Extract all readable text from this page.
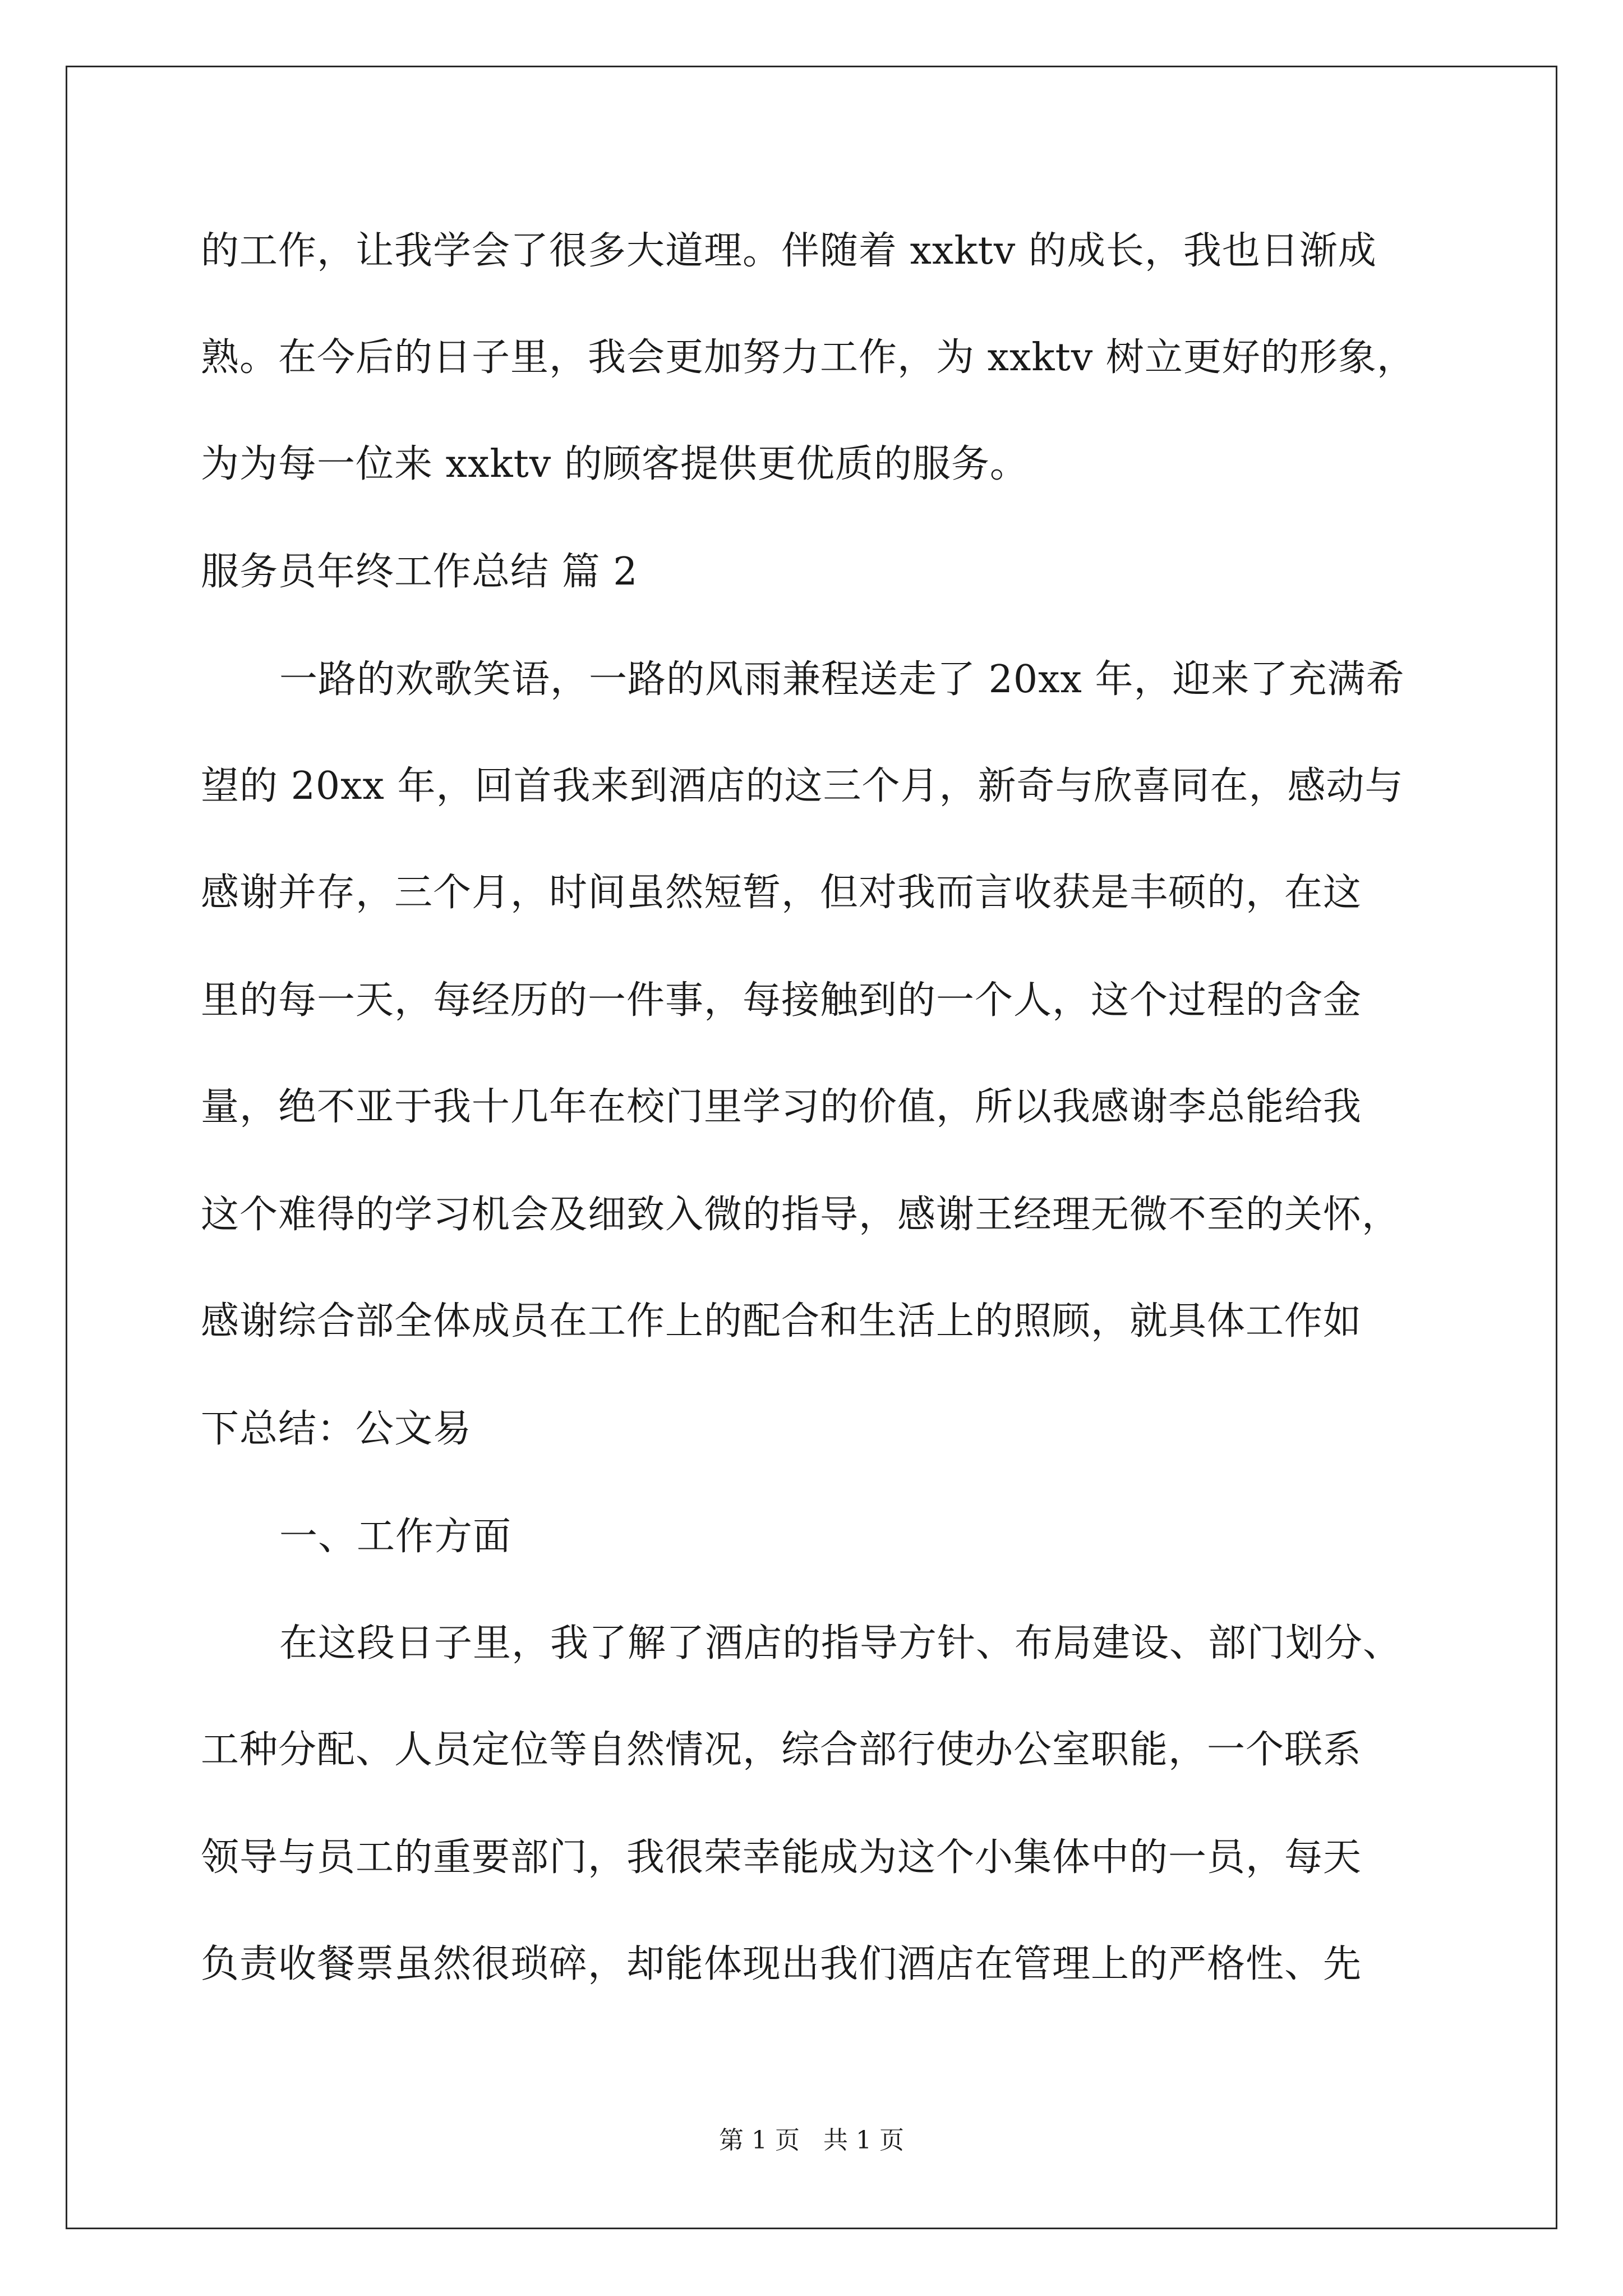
的工作，让我学会了很多大道理。伴随着 xxktv 的成长，我也日渐成
熟。在今后的日子里，我会更加努力工作，为 xxktv 树立更好的形象，
为为每一位来 xxktv 的顾客提供更优质的服务。
服务员年终工作总结 篇 2
一路的欢歌笑语，一路的风雨兼程送走了 20xx 年，迎来了充满希
望的 20xx 年，回首我来到酒店的这三个月，新奇与欣喜同在，感动与
感谢并存，三个月，时间虽然短暂，但对我而言收获是丰硕的，在这
里的每一天，每经历的一件事，每接触到的一个人，这个过程的含金
量，绝不亚于我十几年在校门里学习的价值，所以我感谢李总能给我
这个难得的学习机会及细致入微的指导，感谢王经理无微不至的关怀，
感谢综合部全体成员在工作上的配合和生活上的照顾，就具体工作如
下总结：公文易
一、工作方面
在这段日子里，我了解了酒店的指导方针、布局建设、部门划分、
工种分配、人员定位等自然情况，综合部行使办公室职能，一个联系
领导与员工的重要部门，我很荣幸能成为这个小集体中的一员，每天
负责收餐票虽然很琐碎，却能体现出我们酒店在管理上的严格性、先
第 1 页   共 1 页
